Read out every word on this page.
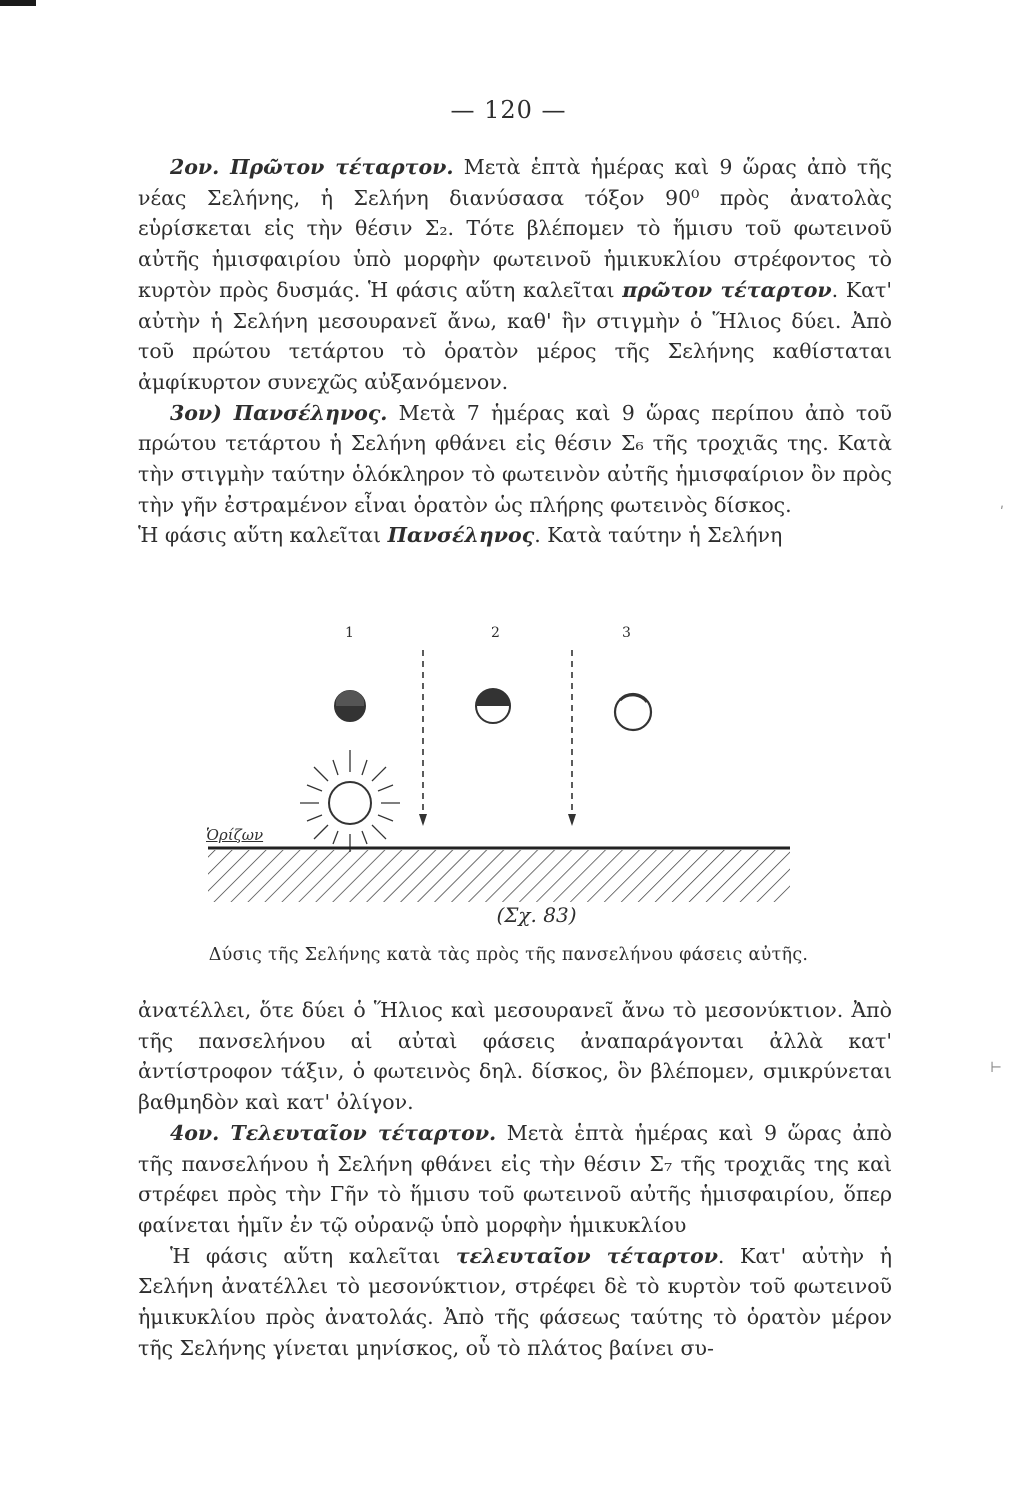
— 120 —

2ον. Πρῶτον τέταρτον. Μετὰ ἑπτὰ ἡμέρας καὶ 9 ὥρας ἀπὸ τῆς νέας Σελήνης, ἡ Σελήνη διανύσασα τόξον 90⁰ πρὸς ἀνατολὰς εὑρίσκεται εἰς τὴν θέσιν Σ₂. Τότε βλέπομεν τὸ ἥμισυ τοῦ φωτεινοῦ αὐτῆς ἡμισφαιρίου ὑπὸ μορφὴν φωτεινοῦ ἡμικυκλίου στρέφοντος τὸ κυρτὸν πρὸς δυσμάς. Ἡ φάσις αὕτη καλεῖται πρῶτον τέταρτον. Κατ' αὐτὴν ἡ Σελήνη μεσουρανεῖ ἄνω, καθ' ἣν στιγμὴν ὁ Ἥλιος δύει. Ἀπὸ τοῦ πρώτου τετάρτου τὸ ὁρατὸν μέρος τῆς Σελήνης καθίσταται ἀμφίκυρτον συνεχῶς αὐξανόμενον.

3ον) Πανσέληνος. Μετὰ 7 ἡμέρας καὶ 9 ὥρας περίπου ἀπὸ τοῦ πρώτου τετάρτου ἡ Σελήνη φθάνει εἰς θέσιν Σ₆ τῆς τροχιᾶς της. Κατὰ τὴν στιγμὴν ταύτην ὁλόκληρον τὸ φωτεινὸν αὐτῆς ἡμισφαίριον ὂν πρὸς τὴν γῆν ἐστραμένον εἶναι ὁρατὸν ὡς πλήρης φωτεινὸς δίσκος.

Ἡ φάσις αὕτη καλεῖται Πανσέληνος. Κατὰ ταύτην ἡ Σελήνη

1	2	3
Ὁρίζων
(Σχ. 83)
Δύσις τῆς Σελήνης κατὰ τὰς πρὸς τῆς πανσελήνου φάσεις αὐτῆς.

ἀνατέλλει, ὅτε δύει ὁ Ἥλιος καὶ μεσουρανεῖ ἄνω τὸ μεσονύκτιον. Ἀπὸ τῆς πανσελήνου αἱ αὐταὶ φάσεις ἀναπαράγονται ἀλλὰ κατ' ἀντίστροφον τάξιν, ὁ φωτεινὸς δηλ. δίσκος, ὃν βλέπομεν, σμικρύνεται βαθμηδὸν καὶ κατ' ὀλίγον.

4ον. Τελευταῖον τέταρτον. Μετὰ ἑπτὰ ἡμέρας καὶ 9 ὥρας ἀπὸ τῆς πανσελήνου ἡ Σελήνη φθάνει εἰς τὴν θέσιν Σ₇ τῆς τροχιᾶς της καὶ στρέφει πρὸς τὴν Γῆν τὸ ἥμισυ τοῦ φωτεινοῦ αὐτῆς ἡμισφαιρίου, ὅπερ φαίνεται ἡμῖν ἐν τῷ οὐρανῷ ὑπὸ μορφὴν ἡμικυκλίου

Ἡ φάσις αὕτη καλεῖται τελευταῖον τέταρτον. Κατ' αὐτὴν ἡ Σελήνη ἀνατέλλει τὸ μεσονύκτιον, στρέφει δὲ τὸ κυρτὸν τοῦ φωτεινοῦ ἡμικυκλίου πρὸς ἀνατολάς. Ἀπὸ τῆς φάσεως ταύτης τὸ ὁρατὸν μέρον τῆς Σελήνης γίνεται μηνίσκος, οὗ τὸ πλάτος βαίνει συ-

⊢
ʹ
